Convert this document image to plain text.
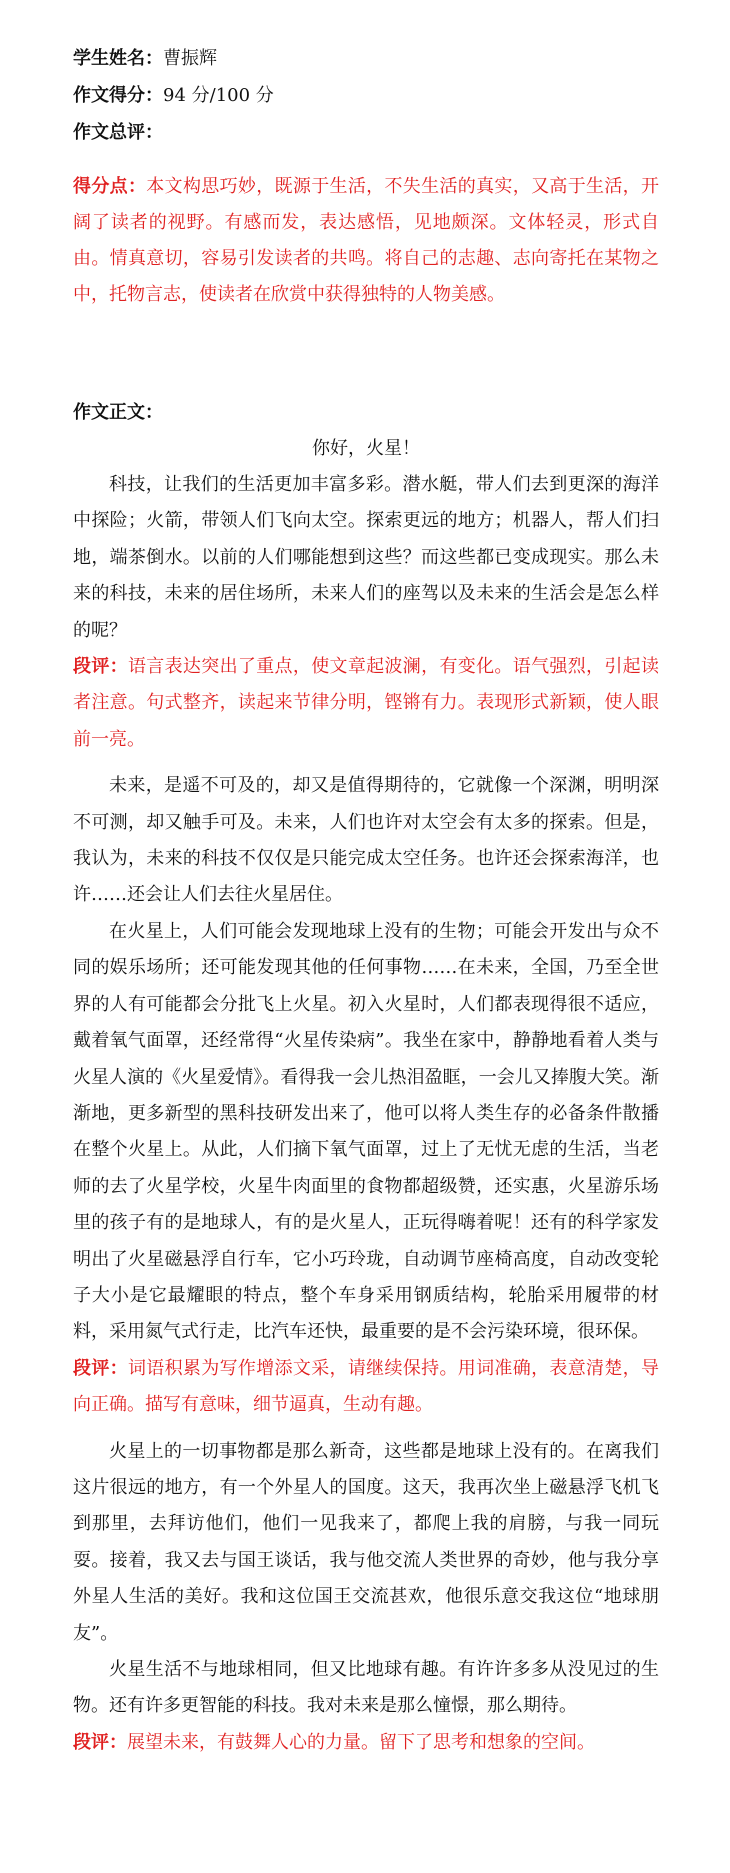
学生姓名：曹振辉

作文得分：94 分/100 分

作文总评：

得分点：本文构思巧妙，既源于生活，不失生活的真实，又高于生活，开阔了读者的视野。有感而发，表达感悟，见地颇深。文体轻灵，形式自由。情真意切，容易引发读者的共鸣。将自己的志趣、志向寄托在某物之中，托物言志，使读者在欣赏中获得独特的人物美感。

作文正文：

你好，火星！

科技，让我们的生活更加丰富多彩。潜水艇，带人们去到更深的海洋中探险；火箭，带领人们飞向太空。探索更远的地方；机器人，帮人们扫地，端茶倒水。以前的人们哪能想到这些？而这些都已变成现实。那么未来的科技，未来的居住场所，未来人们的座驾以及未来的生活会是怎么样的呢？

段评：语言表达突出了重点，使文章起波澜，有变化。语气强烈，引起读者注意。句式整齐，读起来节律分明，铿锵有力。表现形式新颖，使人眼前一亮。

未来，是遥不可及的，却又是值得期待的，它就像一个深渊，明明深不可测，却又触手可及。未来，人们也许对太空会有太多的探索。但是，我认为，未来的科技不仅仅是只能完成太空任务。也许还会探索海洋，也许……还会让人们去往火星居住。

在火星上，人们可能会发现地球上没有的生物；可能会开发出与众不同的娱乐场所；还可能发现其他的任何事物……在未来，全国，乃至全世界的人有可能都会分批飞上火星。初入火星时，人们都表现得很不适应，戴着氧气面罩，还经常得“火星传染病”。我坐在家中，静静地看着人类与火星人演的《火星爱情》。看得我一会儿热泪盈眶，一会儿又捧腹大笑。渐渐地，更多新型的黑科技研发出来了，他可以将人类生存的必备条件散播在整个火星上。从此，人们摘下氧气面罩，过上了无忧无虑的生活，当老师的去了火星学校，火星牛肉面里的食物都超级赞，还实惠，火星游乐场里的孩子有的是地球人，有的是火星人，正玩得嗨着呢！还有的科学家发明出了火星磁悬浮自行车，它小巧玲珑，自动调节座椅高度，自动改变轮子大小是它最耀眼的特点，整个车身采用钢质结构，轮胎采用履带的材料，采用氮气式行走，比汽车还快，最重要的是不会污染环境，很环保。

段评：词语积累为写作增添文采，请继续保持。用词准确，表意清楚，导向正确。描写有意味，细节逼真，生动有趣。

火星上的一切事物都是那么新奇，这些都是地球上没有的。在离我们这片很远的地方，有一个外星人的国度。这天，我再次坐上磁悬浮飞机飞到那里，去拜访他们，他们一见我来了，都爬上我的肩膀，与我一同玩耍。接着，我又去与国王谈话，我与他交流人类世界的奇妙，他与我分享外星人生活的美好。我和这位国王交流甚欢，他很乐意交我这位“地球朋友”。

火星生活不与地球相同，但又比地球有趣。有许许多多从没见过的生物。还有许多更智能的科技。我对未来是那么憧憬，那么期待。

段评：展望未来，有鼓舞人心的力量。留下了思考和想象的空间。
